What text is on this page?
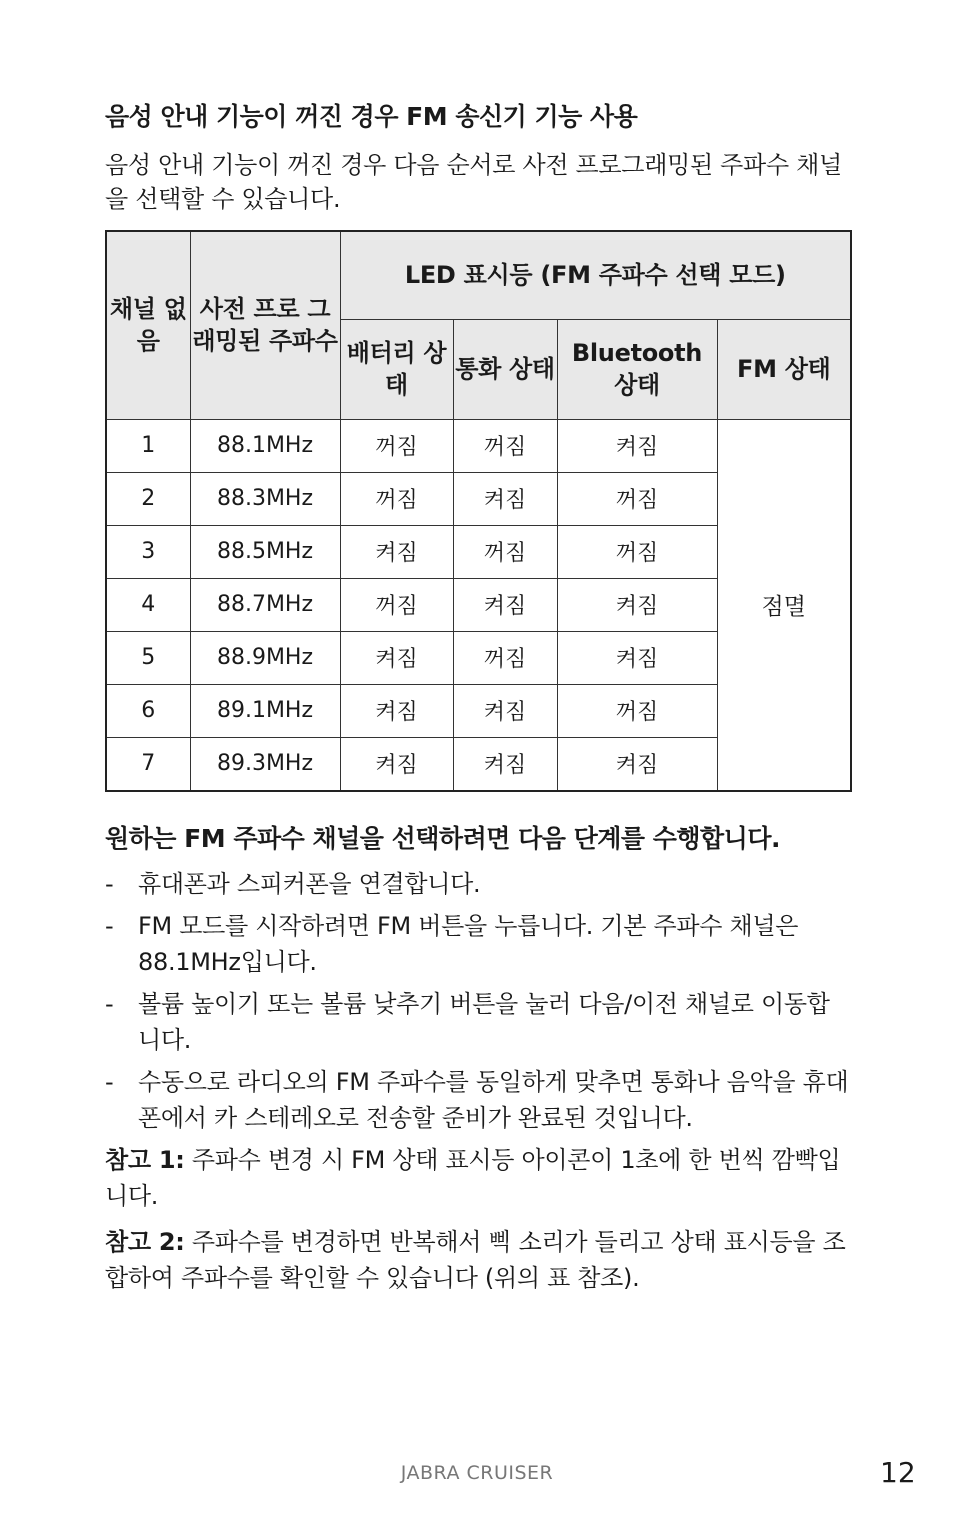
음성 안내 기능이 꺼진 경우 FM 송신기 기능 사용

음성 안내 기능이 꺼진 경우 다음 순서로 사전 프로그래밍된 주파수 채널을 선택할 수 있습니다.

채널 없음	사전 프로 그래밍된 주파수	LED 표시등 (FM 주파수 선택 모드)			
		배터리 상태	통화 상태	Bluetooth 상태	FM 상태
1	88.1MHz	꺼짐	꺼짐	켜짐	점멸
2	88.3MHz	꺼짐	켜짐	꺼짐	
3	88.5MHz	켜짐	꺼짐	꺼짐	
4	88.7MHz	꺼짐	켜짐	켜짐	
5	88.9MHz	켜짐	꺼짐	켜짐	
6	89.1MHz	켜짐	켜짐	꺼짐	
7	89.3MHz	켜짐	켜짐	켜짐	
원하는 FM 주파수 채널을 선택하려면 다음 단계를 수행합니다.
- 휴대폰과 스피커폰을 연결합니다.
- FM 모드를 시작하려면 FM 버튼을 누릅니다. 기본 주파수 채널은 88.1MHz입니다.
- 볼륨 높이기 또는 볼륨 낮추기 버튼을 눌러 다음/이전 채널로 이동합니다.
- 수동으로 라디오의 FM 주파수를 동일하게 맞추면 통화나 음악을 휴대폰에서 카 스테레오로 전송할 준비가 완료된 것입니다.

참고 1: 주파수 변경 시 FM 상태 표시등 아이콘이 1초에 한 번씩 깜빡입니다.

참고 2: 주파수를 변경하면 반복해서 삑 소리가 들리고 상태 표시등을 조합하여 주파수를 확인할 수 있습니다 (위의 표 참조).

JABRA CRUISER	12
